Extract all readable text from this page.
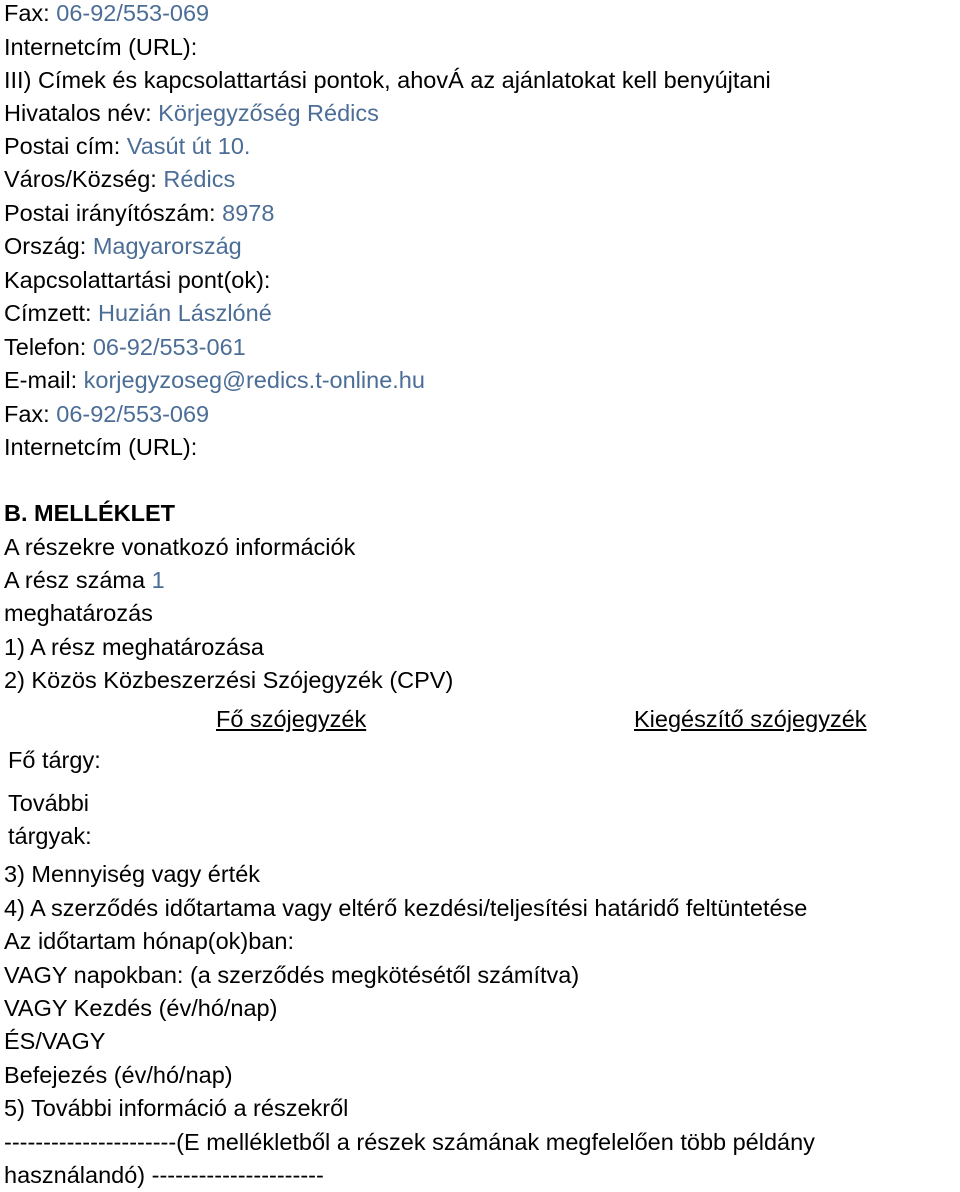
Fax: 06-92/553-069
Internetcím (URL):
III) Címek és kapcsolattartási pontok, ahovÁ az ajánlatokat kell benyújtani
Hivatalos név: Körjegyzőség Rédics
Postai cím: Vasút út 10.
Város/Község: Rédics
Postai irányítószám: 8978
Ország: Magyarország
Kapcsolattartási pont(ok):
Címzett: Huzián Lászlóné
Telefon: 06-92/553-061
E-mail: korjegyzoseg@redics.t-online.hu
Fax: 06-92/553-069
Internetcím (URL):
B. MELLÉKLET
A részekre vonatkozó információk
A rész száma 1
meghatározás
1) A rész meghatározása
2) Közös Közbeszerzési Szójegyzék (CPV)
Fő szójegyzék	Kiegészítő szójegyzék
Fő tárgy:
További
tárgyak:
3) Mennyiség vagy érték
4) A szerződés időtartama vagy eltérő kezdési/teljesítési határidő feltüntetése
Az időtartam hónap(ok)ban:
VAGY napokban: (a szerződés megkötésétől számítva)
VAGY Kezdés (év/hó/nap)
ÉS/VAGY
Befejezés (év/hó/nap)
5) További információ a részekről
----------------------(E mellékletből a részek számának megfelelően több példány
használandó) ----------------------
